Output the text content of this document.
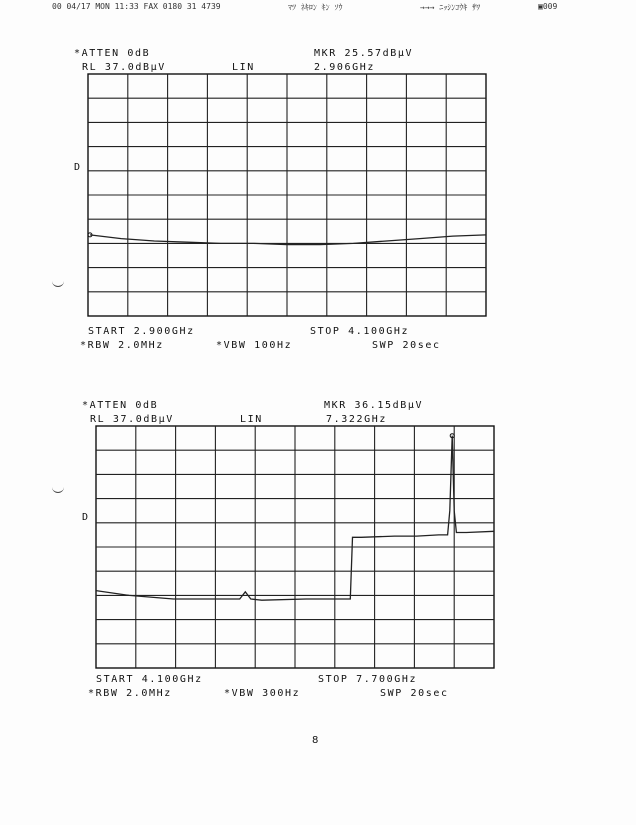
00 04/17 MON 11:33 FAX 0180 31 4739	ﾏﾂ ﾈｷﾛﾝ ｷﾝ ｿｳ	→→→ ﾆｯｼﾝｺｳｷ ｻﾜ	▣009
*ATTEN 0dB	MKR 25.57dBμV
RL 37.0dBμV	LIN	2.906GHz
D
START 2.900GHz	STOP 4.100GHz
*RBW 2.0MHz	*VBW 100Hz	SWP 20sec
*ATTEN 0dB	MKR 36.15dBμV
RL 37.0dBμV	LIN	7.322GHz
D
START 4.100GHz	STOP 7.700GHz
*RBW 2.0MHz	*VBW 300Hz	SWP 20sec
8
